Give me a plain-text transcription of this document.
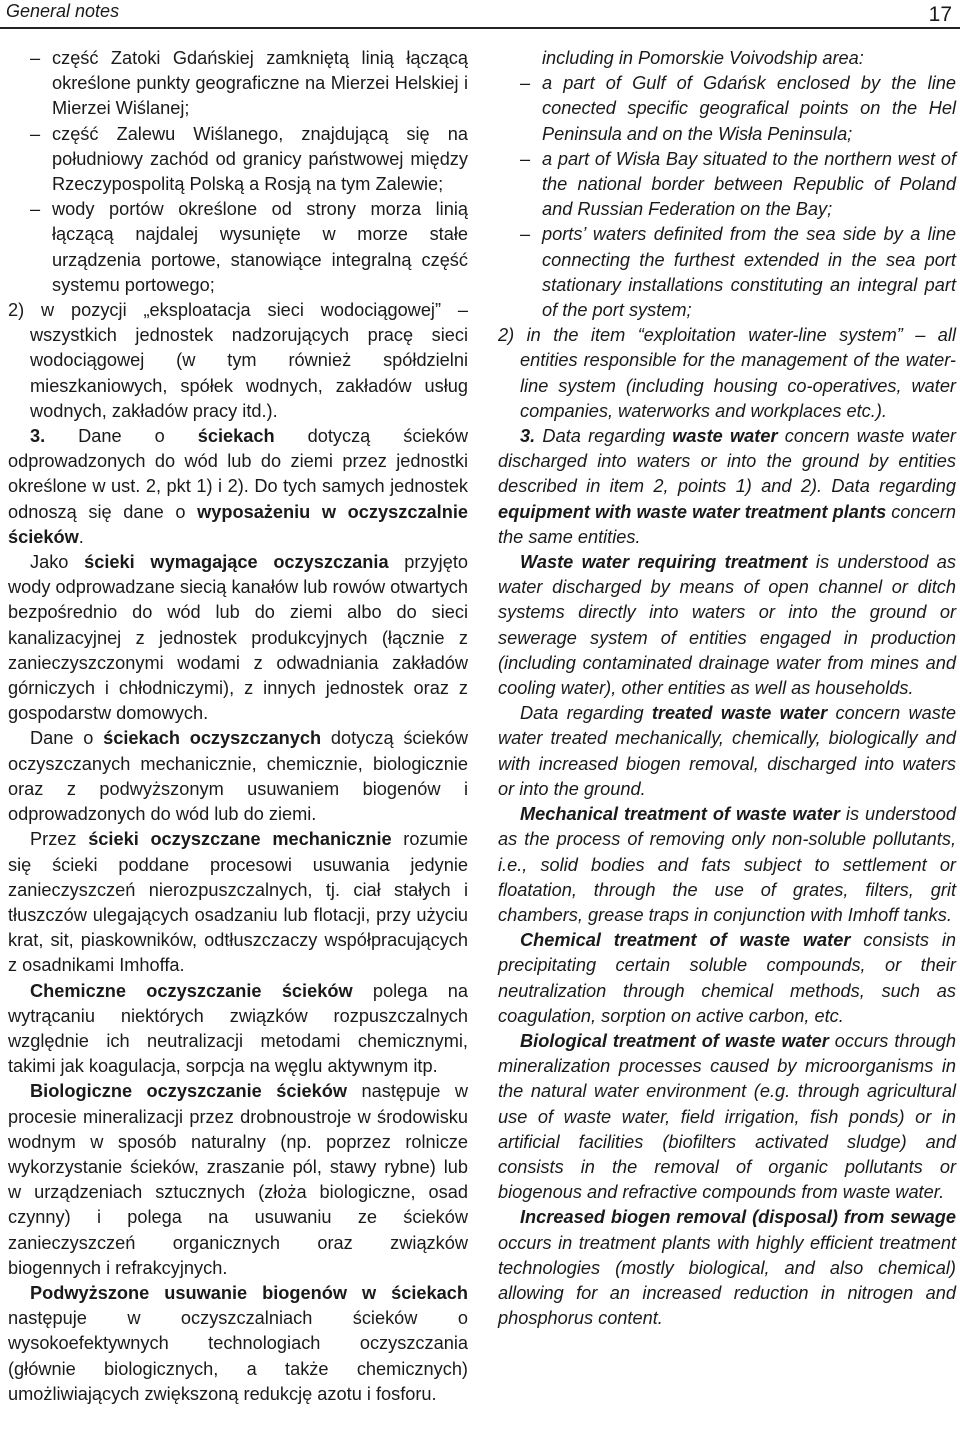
General notes	17

– część Zatoki Gdańskiej zamkniętą linią łączącą określone punkty geograficzne na Mierzei Helskiej i Mierzei Wiślanej;

– część Zalewu Wiślanego, znajdującą się na południowy zachód od granicy państwowej między Rzeczypospolitą Polską a Rosją na tym Zalewie;

– wody portów określone od strony morza linią łączącą najdalej wysunięte w morze stałe urządzenia portowe, stanowiące integralną część systemu portowego;

2) w pozycji „eksploatacja sieci wodociągowej” – wszystkich jednostek nadzorujących pracę sieci wodociągowej (w tym również spółdzielni mieszkaniowych, spółek wodnych, zakładów usług wodnych, zakładów pracy itd.).

3. Dane o ściekach dotyczą ścieków odprowadzonych do wód lub do ziemi przez jednostki określone w ust. 2, pkt 1) i 2). Do tych samych jednostek odnoszą się dane o wyposażeniu w oczyszczalnie ścieków.

Jako ścieki wymagające oczyszczania przyjęto wody odprowadzane siecią kanałów lub rowów otwartych bezpośrednio do wód lub do ziemi albo do sieci kanalizacyjnej z jednostek produkcyjnych (łącznie z zanieczyszczonymi wodami z odwadniania zakładów górniczych i chłodniczymi), z innych jednostek oraz z gospodarstw domowych.

Dane o ściekach oczyszczanych dotyczą ścieków oczyszczanych mechanicznie, chemicznie, biologicznie oraz z podwyższonym usuwaniem biogenów i odprowadzonych do wód lub do ziemi.

Przez ścieki oczyszczane mechanicznie rozumie się ścieki poddane procesowi usuwania jedynie zanieczyszczeń nierozpuszczalnych, tj. ciał stałych i tłuszczów ulegających osadzaniu lub flotacji, przy użyciu krat, sit, piaskowników, odtłuszczaczy współpracujących z osadnikami Imhoffa.

Chemiczne oczyszczanie ścieków polega na wytrącaniu niektórych związków rozpuszczalnych względnie ich neutralizacji metodami chemicznymi, takimi jak koagulacja, sorpcja na węglu aktywnym itp.

Biologiczne oczyszczanie ścieków następuje w procesie mineralizacji przez drobnoustroje w środowisku wodnym w sposób naturalny (np. poprzez rolnicze wykorzystanie ścieków, zraszanie pól, stawy rybne) lub w urządzeniach sztucznych (złoża biologiczne, osad czynny) i polega na usuwaniu ze ścieków zanieczyszczeń organicznych oraz związków biogennych i refrakcyjnych.

Podwyższone usuwanie biogenów w ściekach następuje w oczyszczalniach ścieków o wysokoefektywnych technologiach oczyszczania (głównie biologicznych, a także chemicznych) umożliwiających zwiększoną redukcję azotu i fosforu.

including in Pomorskie Voivodship area:

– a part of Gulf of Gdańsk enclosed by the line conected specific geografical points on the Hel Peninsula and on the Wisła Peninsula;

– a part of Wisła Bay situated to the northern west of the national border between Republic of Poland and Russian Federation on the Bay;

– ports’ waters definited from the sea side by a line connecting the furthest extended in the sea port stationary installations constituting an integral part of the port system;

2) in the item “exploitation water-line system” – all entities responsible for the management of the water-line system (including housing co-operatives, water companies, waterworks and workplaces etc.).

3. Data regarding waste water concern waste water discharged into waters or into the ground by entities described in item 2, points 1) and 2). Data regarding equipment with waste water treatment plants concern the same entities.

Waste water requiring treatment is understood as water discharged by means of open channel or ditch systems directly into waters or into the ground or sewerage system of entities engaged in production (including contaminated drainage water from mines and cooling water), other entities as well as households.

Data regarding treated waste water concern waste water treated mechanically, chemically, biologically and with increased biogen removal, discharged into waters or into the ground.

Mechanical treatment of waste water is understood as the process of removing only non-soluble pollutants, i.e., solid bodies and fats subject to settlement or floatation, through the use of grates, filters, grit chambers, grease traps in conjunction with Imhoff tanks.

Chemical treatment of waste water consists in precipitating certain soluble compounds, or their neutralization through chemical methods, such as coagulation, sorption on active carbon, etc.

Biological treatment of waste water occurs through mineralization processes caused by microorganisms in the natural water environment (e.g. through agricultural use of waste water, field irrigation, fish ponds) or in artificial facilities (biofilters activated sludge) and consists in the removal of organic pollutants or biogenous and refractive compounds from waste water.

Increased biogen removal (disposal) from sewage occurs in treatment plants with highly efficient treatment technologies (mostly biological, and also chemical) allowing for an increased reduction in nitrogen and phosphorus content.
